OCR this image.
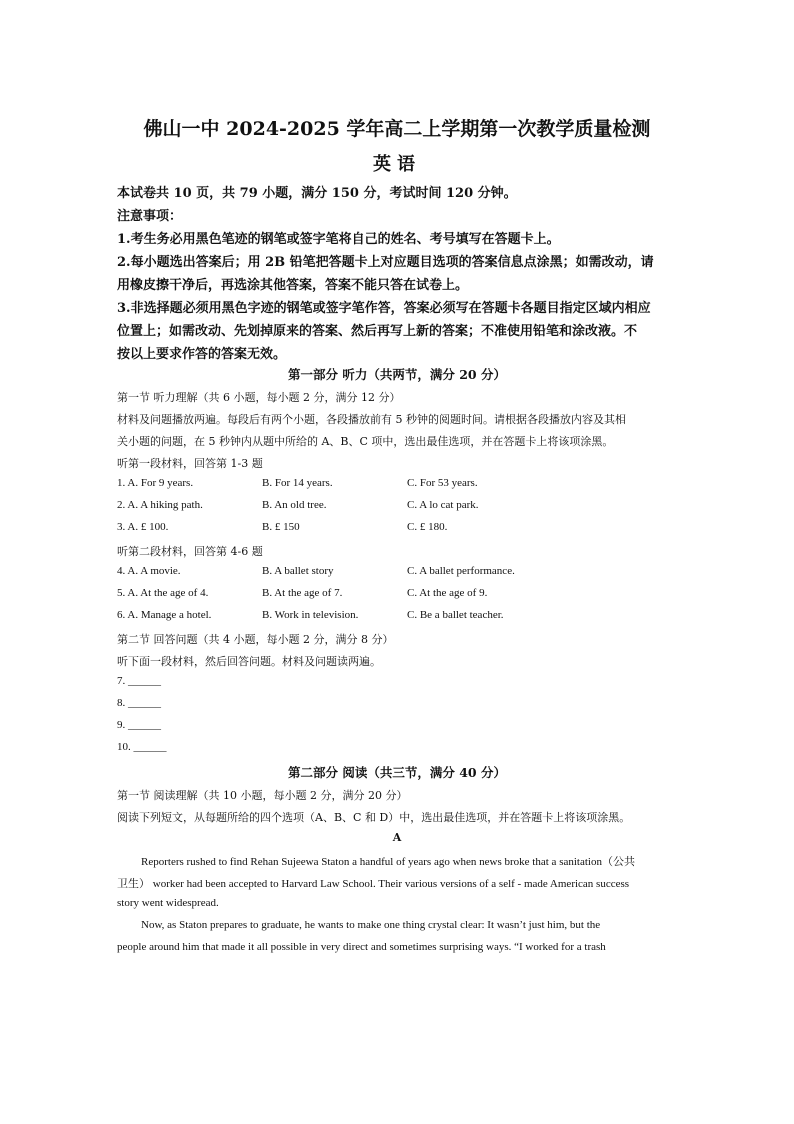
佛山一中 2024-2025 学年高二上学期第一次教学质量检测
英语
本试卷共 10 页，共 79 小题，满分 150 分，考试时间 120 分钟。
注意事项：
1.考生务必用黑色笔迹的钢笔或签字笔将自己的姓名、考号填写在答题卡上。
2.每小题选出答案后；用 2B 铅笔把答题卡上对应题目选项的答案信息点涂黑；如需改动，请
用橡皮擦干净后，再选涂其他答案，答案不能只答在试卷上。
3.非选择题必须用黑色字迹的钢笔或签字笔作答，答案必须写在答题卡各题目指定区域内相应
位置上；如需改动、先划掉原来的答案、然后再写上新的答案；不准使用铅笔和涂改液。不
按以上要求作答的答案无效。
第一部分 听力（共两节，满分 20 分）
第一节 听力理解（共 6 小题，每小题 2 分，满分 12 分）
材料及问题播放两遍。每段后有两个小题，各段播放前有 5 秒钟的阅题时间。请根据各段播放内容及其相
关小题的问题，在 5 秒钟内从题中所给的 A、B、C 项中，选出最佳选项，并在答题卡上将该项涂黑。
听第一段材料，回答第 1-3 题
1. A. For 9 years.	B. For 14 years.	C. For 53 years.
2. A. A hiking path.	B. An old tree.	C. A lo cat park.
3. A. £ 100.	B. £ 150	C. £ 180.
听第二段材料，回答第 4-6 题
4. A. A movie.	B. A ballet story	C. A ballet performance.
5. A. At the age of 4.	B. At the age of 7.	C. At the age of 9.
6. A. Manage a hotel.	B. Work in television.	C. Be a ballet teacher.
第二节 回答问题（共 4 小题，每小题 2 分，满分 8 分）
听下面一段材料，然后回答问题。材料及问题读两遍。
7. ______
8. ______
9. ______
10. ______
第二部分 阅读（共三节，满分 40 分）
第一节 阅读理解（共 10 小题，每小题 2 分，满分 20 分）
阅读下列短文，从每题所给的四个选项（A、B、C 和 D）中，选出最佳选项，并在答题卡上将该项涂黑。
A
Reporters rushed to find Rehan Sujeewa Staton a handful of years ago when news broke that a sanitation（公共
卫生） worker had been accepted to Harvard Law School. Their various versions of a self - made American success
story went widespread.
Now, as Staton prepares to graduate, he wants to make one thing crystal clear: It wasn’t just him, but the
people around him that made it all possible in very direct and sometimes surprising ways. “I worked for a trash
